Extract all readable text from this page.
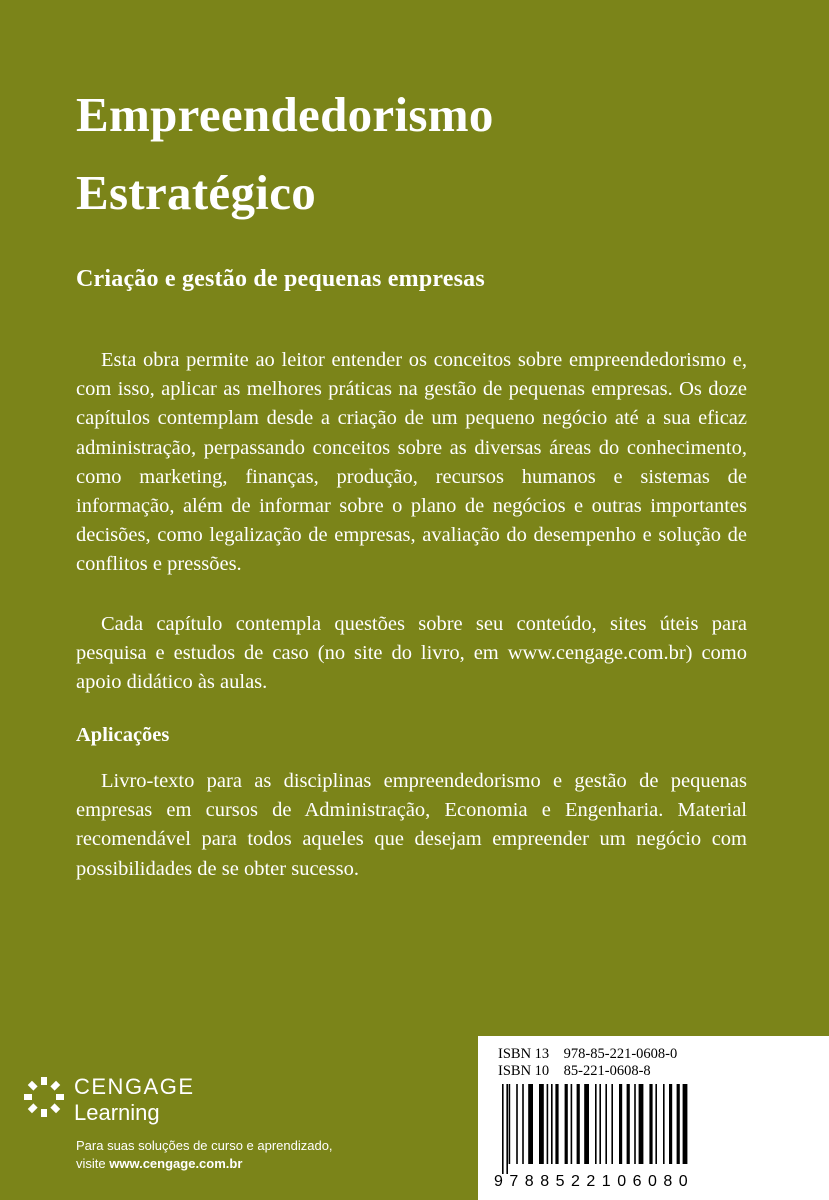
Empreendedorismo
Estratégico
Criação e gestão de pequenas empresas

Esta obra permite ao leitor entender os conceitos sobre empreendedorismo e, com isso, aplicar as melhores práticas na gestão de pequenas empresas. Os doze capítulos contemplam desde a criação de um pequeno negócio até a sua eficaz administração, perpassando conceitos sobre as diversas áreas do conhecimento, como marketing, finanças, produção, recursos humanos e sistemas de informação, além de informar sobre o plano de negócios e outras importantes decisões, como legalização de empresas, avaliação do desempenho e solução de conflitos e pressões.

Cada capítulo contempla questões sobre seu conteúdo, sites úteis para pesquisa e estudos de caso (no site do livro, em www.cengage.com.br) como apoio didático às aulas.

Aplicações

Livro-texto para as disciplinas empreendedorismo e gestão de pequenas empresas em cursos de Administração, Economia e Engenharia. Material recomendável para todos aqueles que desejam empreender um negócio com possibilidades de se obter sucesso.

CENGAGE
Learning
Para suas soluções de curso e aprendizado,
visite www.cengage.com.br
ISBN 13    978-85-221-0608-0
ISBN 10    85-221-0608-8
9788522106080
